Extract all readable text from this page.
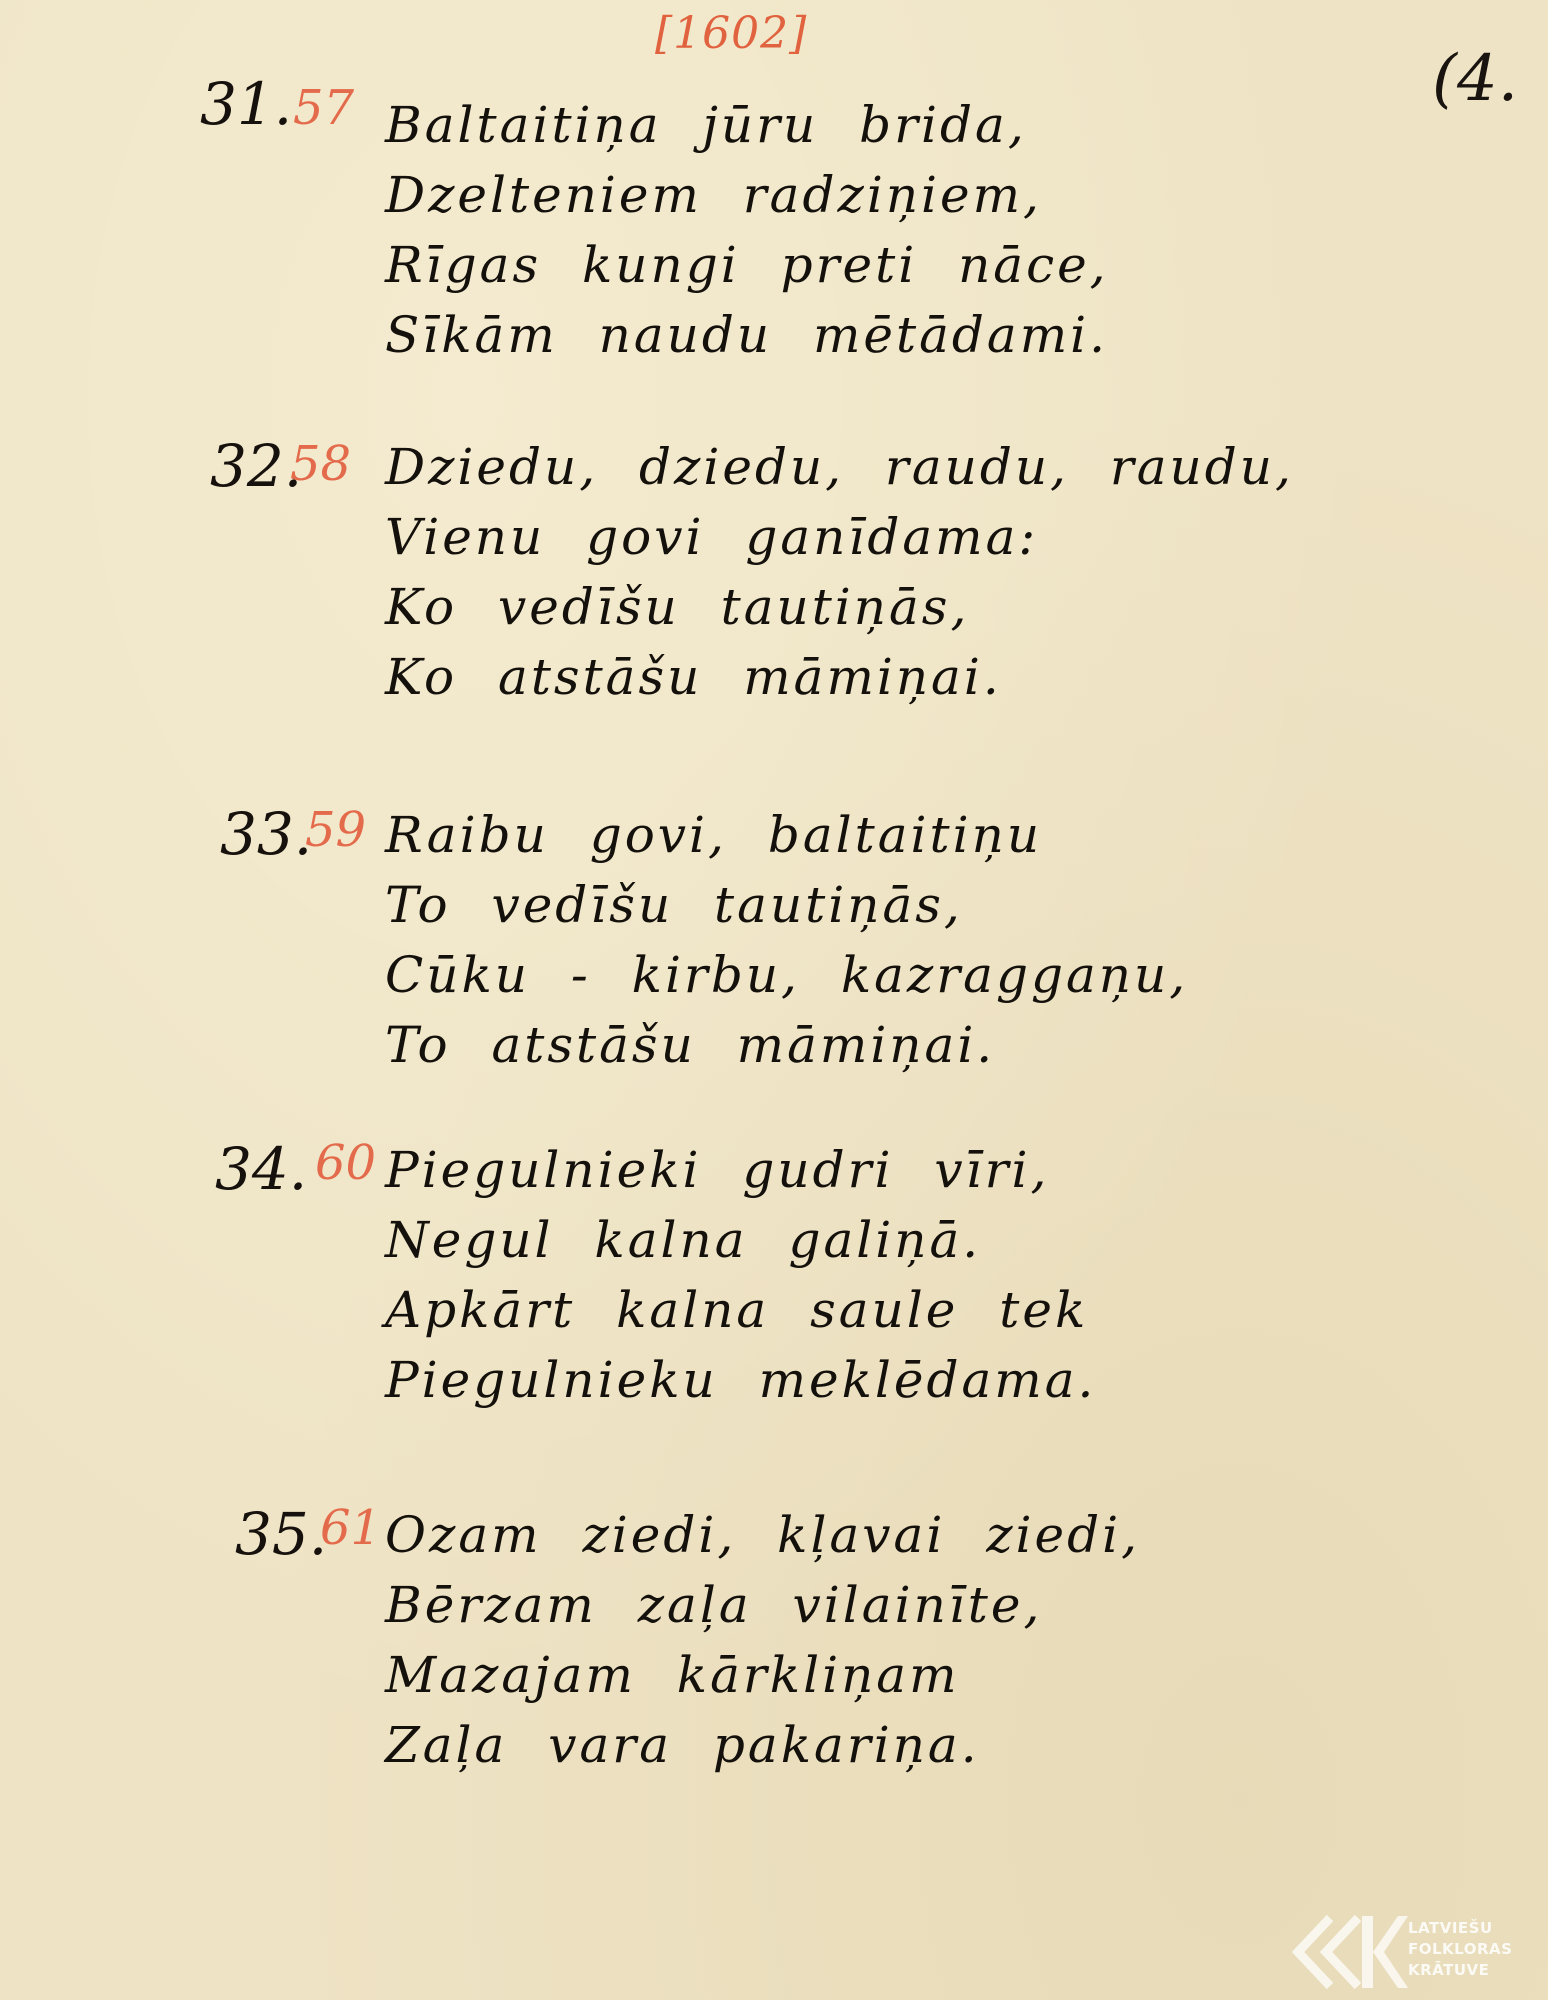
[1602]
(4.
31. 57 Baltaitiņa jūru brida,
Dzelteniem radziņiem,
Rīgas kungi preti nāce,
Sīkām naudu mētādami.
32.
58 Dziedu, dziedu, raudu, raudu,
Vienu govi ganīdama:
Ko vedīšu tautiņās,
Ko atstāšu māmiņai.
33.
59 Raibu govi, baltaitiņu
To vedīšu tautiņās,
Cūku - kirbu, kazraggaņu,
To atstāšu māmiņai.
34. 60 Piegulnieki gudri vīri,
Negul kalna galiņā.
Apkārt kalna saule tek
Piegulnieku meklēdama.
35.
61 Ozam ziedi, kļavai ziedi,
Bērzam zaļa vilainīte,
Mazajam kārkliņam
Zaļa vara pakariņa.
LATVIEŠU
FOLKLORAS
KRĀTUVE
